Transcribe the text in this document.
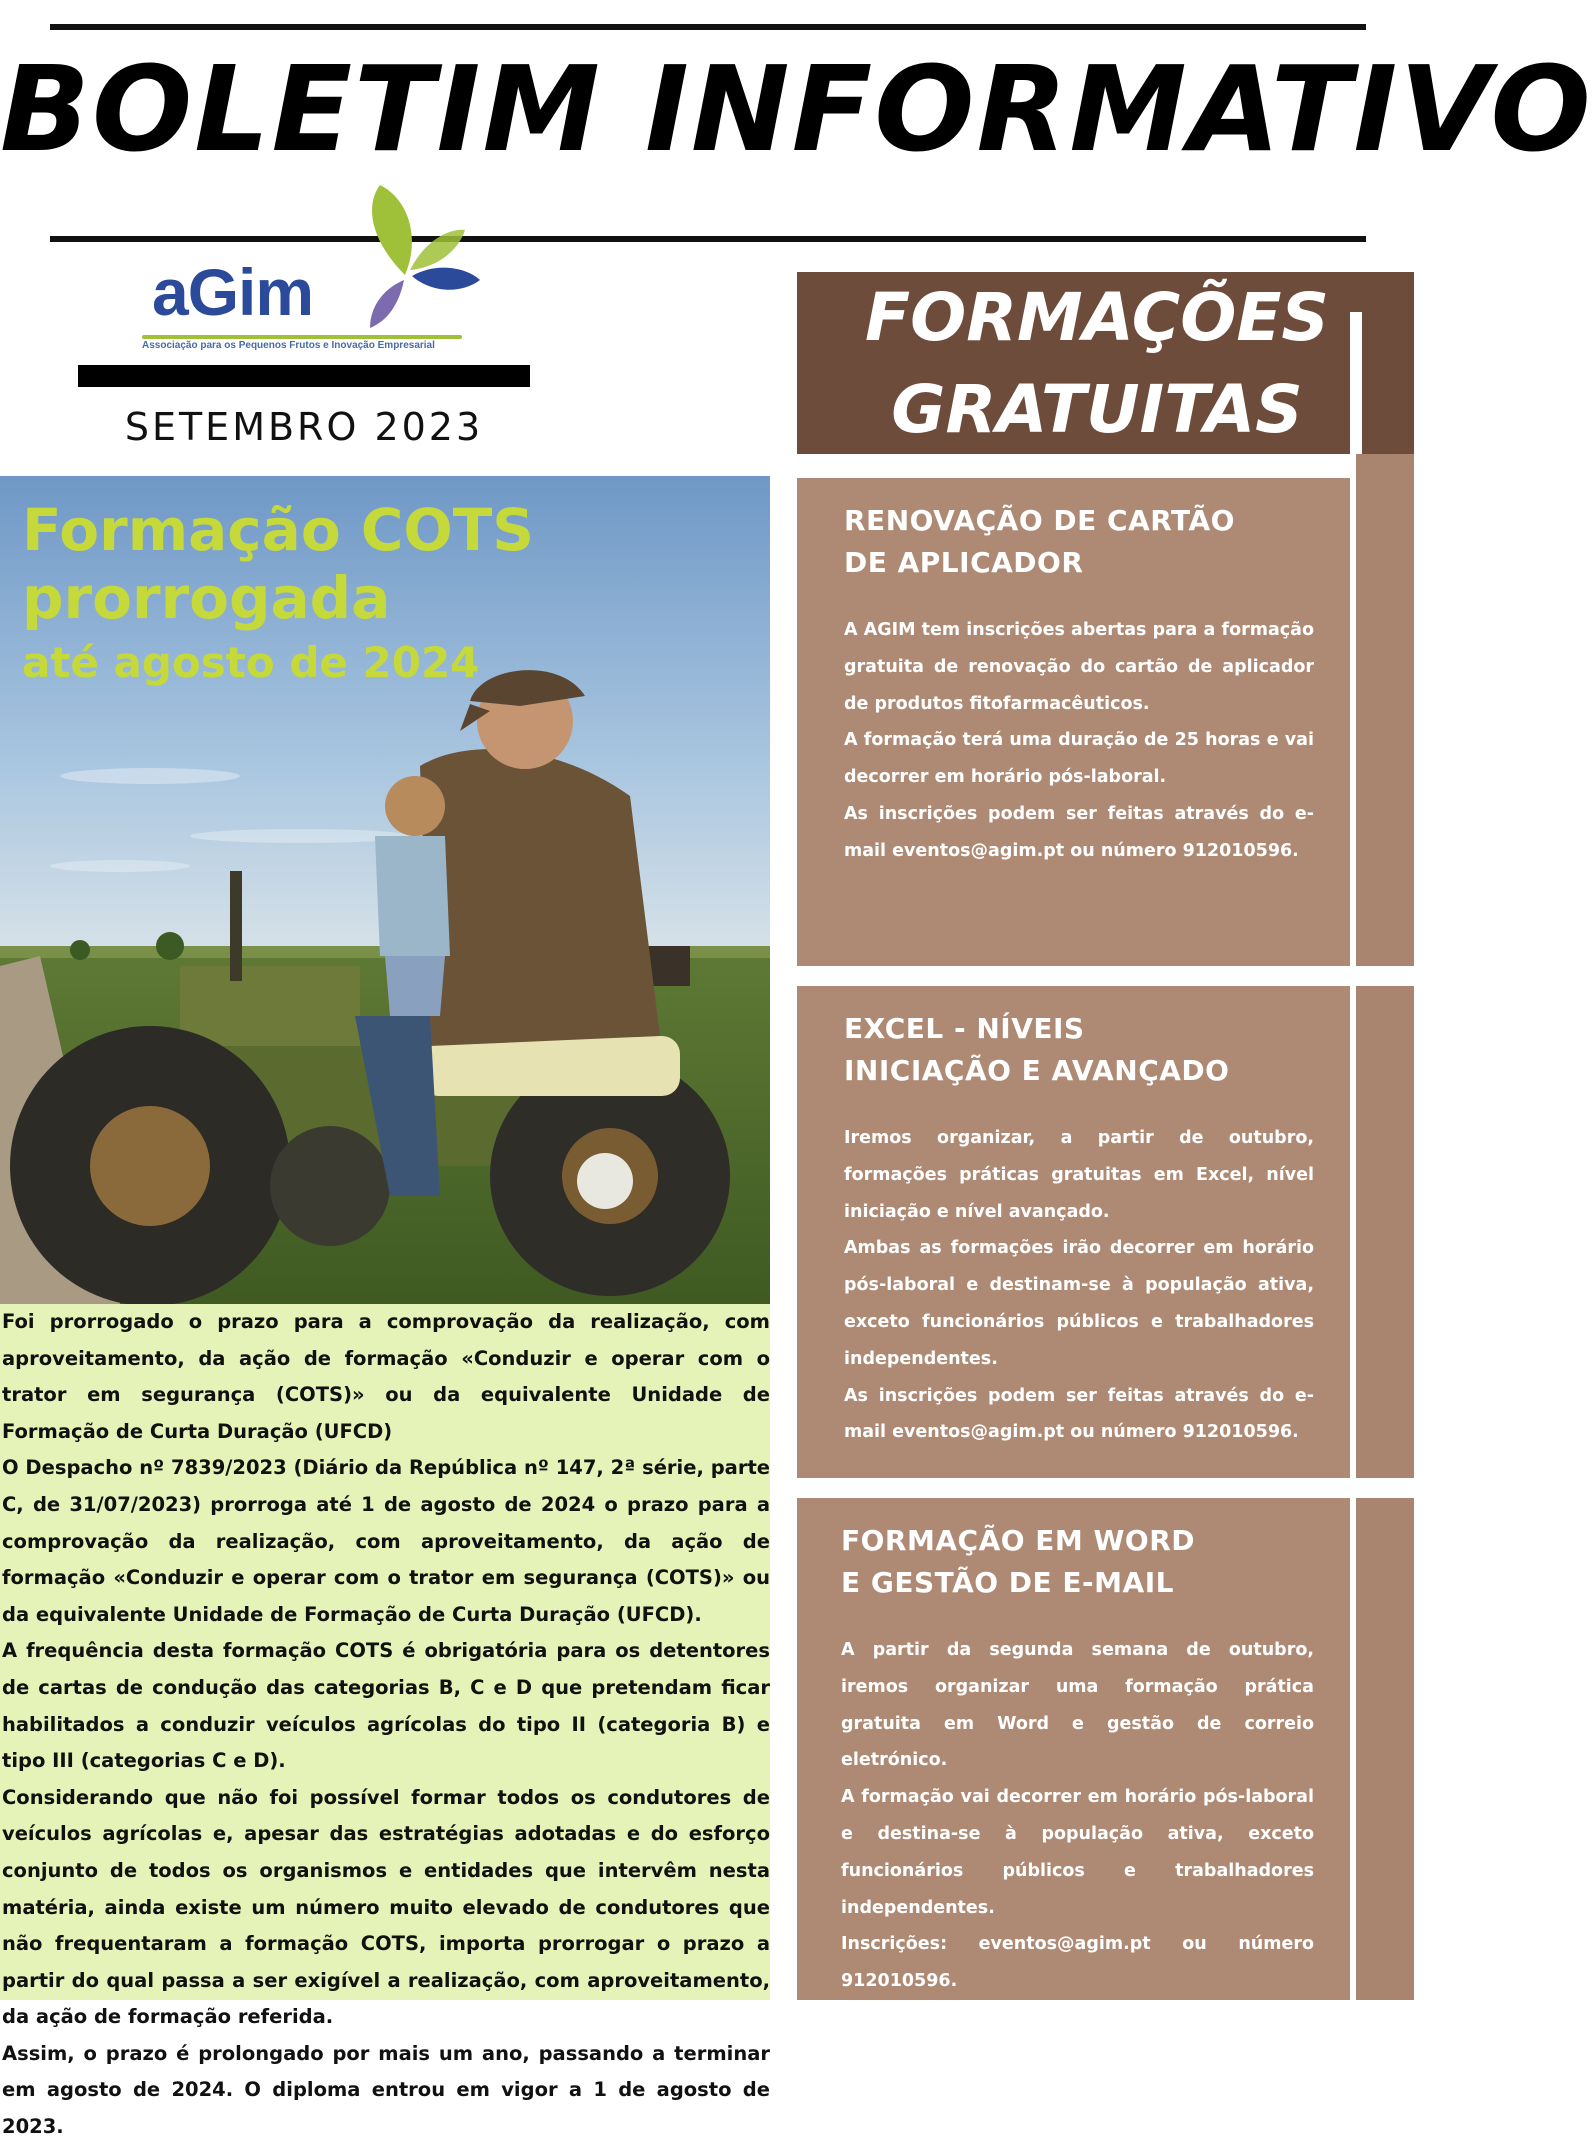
BOLETIM INFORMATIVO
aGim
Associação para os Pequenos Frutos e Inovação Empresarial
SETEMBRO 2023
Formação COTS
prorrogada
até agosto de 2024

Foi prorrogado o prazo para a comprovação da realização, com aproveitamento, da ação de formação «Conduzir e operar com o trator em segurança (COTS)» ou da equivalente Unidade de Formação de Curta Duração (UFCD)

O Despacho nº 7839/2023 (Diário da República nº 147, 2ª série, parte C, de 31/07/2023) prorroga até 1 de agosto de 2024 o prazo para a comprovação da realização, com aproveitamento, da ação de formação «Conduzir e operar com o trator em segurança (COTS)» ou da equivalente Unidade de Formação de Curta Duração (UFCD).

A frequência desta formação COTS é obrigatória para os detentores de cartas de condução das categorias B, C e D que pretendam ficar habilitados a conduzir veículos agrícolas do tipo II (categoria B) e tipo III (categorias C e D).

Considerando que não foi possível formar todos os condutores de veículos agrícolas e, apesar das estratégias adotadas e do esforço conjunto de todos os organismos e entidades que intervêm nesta matéria, ainda existe um número muito elevado de condutores que não frequentaram a formação COTS, importa prorrogar o prazo a partir do qual passa a ser exigível a realização, com aproveitamento, da ação de formação referida.

Assim, o prazo é prolongado por mais um ano, passando a terminar em agosto de 2024. O diploma entrou em vigor a 1 de agosto de 2023.

FORMAÇÕES
GRATUITAS
RENOVAÇÃO DE CARTÃO
DE APLICADOR

A AGIM tem inscrições abertas para a formação gratuita de renovação do cartão de aplicador de produtos fitofarmacêuticos.
A formação terá uma duração de 25 horas e vai decorrer em horário pós-laboral.
As inscrições podem ser feitas através do e-mail eventos@agim.pt ou número 912010596.

EXCEL - NÍVEIS
INICIAÇÃO E AVANÇADO

Iremos organizar, a partir de outubro, formações práticas gratuitas em Excel, nível iniciação e nível avançado.
Ambas as formações irão decorrer em horário pós-laboral e destinam-se à população ativa, exceto funcionários públicos e trabalhadores independentes.
As inscrições podem ser feitas através do e-mail eventos@agim.pt ou número 912010596.

FORMAÇÃO EM WORD
E GESTÃO DE E-MAIL

A partir da segunda semana de outubro, iremos organizar uma formação prática gratuita em Word e gestão de correio eletrónico.
A formação vai decorrer em horário pós-laboral e destina-se à população ativa, exceto funcionários públicos e trabalhadores independentes.
Inscrições: eventos@agim.pt ou número 912010596.
